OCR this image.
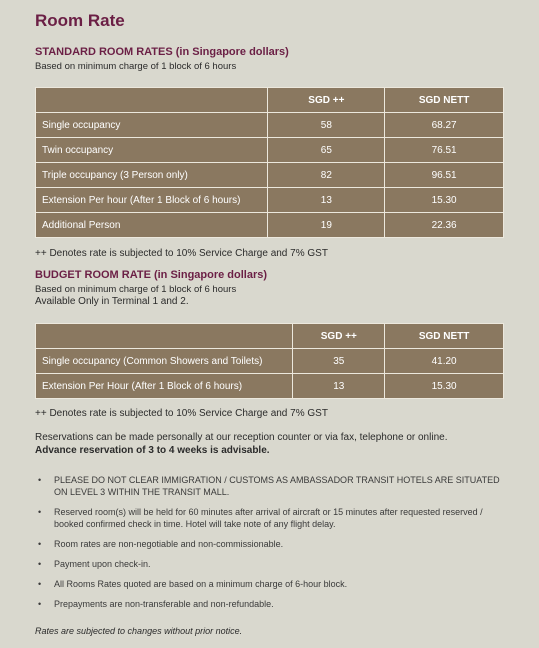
Room Rate
STANDARD ROOM RATES (in Singapore dollars)
Based on minimum charge of 1 block of 6 hours
	SGD ++	SGD NETT
Single occupancy	58	68.27
Twin occupancy	65	76.51
Triple occupancy (3 Person only)	82	96.51
Extension Per hour (After 1 Block of 6 hours)	13	15.30
Additional Person	19	22.36
++ Denotes rate is subjected to 10% Service Charge and 7% GST
BUDGET ROOM RATE (in Singapore dollars)
Based on minimum charge of 1 block of 6 hours
Available Only in Terminal 1 and 2.
	SGD ++	SGD NETT
Single occupancy (Common Showers and Toilets)	35	41.20
Extension Per Hour (After 1 Block of 6 hours)	13	15.30
++ Denotes rate is subjected to 10% Service Charge and 7% GST
Reservations can be made personally at our reception counter or via fax, telephone or online.
Advance reservation of 3 to 4 weeks is advisable.
• PLEASE DO NOT CLEAR IMMIGRATION / CUSTOMS AS AMBASSADOR TRANSIT HOTELS ARE SITUATED ON LEVEL 3 WITHIN THE TRANSIT MALL.
• Reserved room(s) will be held for 60 minutes after arrival of aircraft or 15 minutes after requested reserved / booked confirmed check in time. Hotel will take note of any flight delay.
• Room rates are non-negotiable and non-commissionable.
• Payment upon check-in.
• All Rooms Rates quoted are based on a minimum charge of 6-hour block.
• Prepayments are non-transferable and non-refundable.
Rates are subjected to changes without prior notice.
